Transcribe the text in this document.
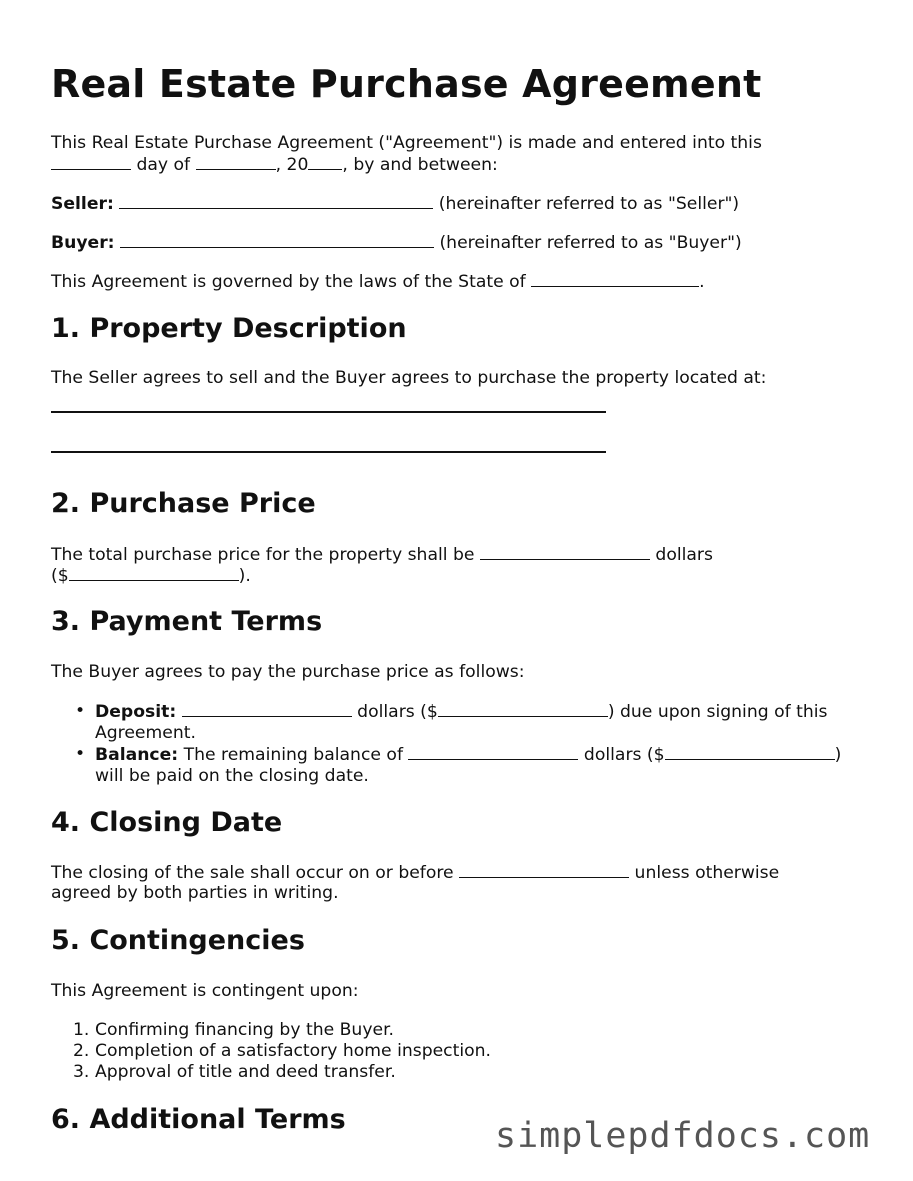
Real Estate Purchase Agreement

This Real Estate Purchase Agreement ("Agreement") is made and entered into this

day of	, 20 , by and between:

Seller:	(hereinafter referred to as "Seller")

Buyer:	(hereinafter referred to as "Buyer")

This Agreement is governed by the laws of the State of	.

1. Property Description

The Seller agrees to sell and the Buyer agrees to purchase the property located at:

2. Purchase Price

The total purchase price for the property shall be	dollars

($	).

3. Payment Terms

The Buyer agrees to pay the purchase price as follows:

• Deposit:	dollars ($	) due upon signing of this
Agreement.
• Balance: The remaining balance of	dollars ($	)
will be paid on the closing date.
4. Closing Date

The closing of the sale shall occur on or before	unless otherwise

agreed by both parties in writing.

5. Contingencies

This Agreement is contingent upon:

1. Confirming financing by the Buyer.
2. Completion of a satisfactory home inspection.
3. Approval of title and deed transfer.
6. Additional Terms	simplepdfdocs.com
